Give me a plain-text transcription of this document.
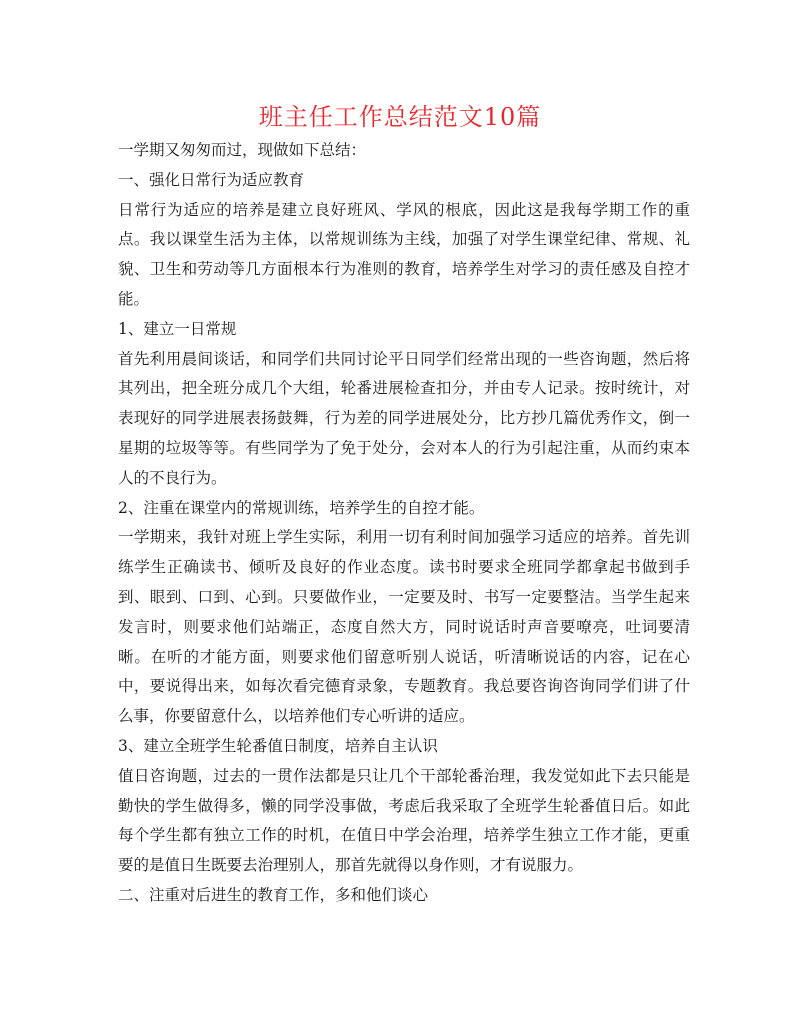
班主任工作总结范文10篇

一学期又匆匆而过，现做如下总结：

一、强化日常行为适应教育

日常行为适应的培养是建立良好班风、学风的根底，因此这是我每学期工作的重点。我以课堂生活为主体，以常规训练为主线，加强了对学生课堂纪律、常规、礼貌、卫生和劳动等几方面根本行为准则的教育，培养学生对学习的责任感及自控才能。

1、建立一日常规

首先利用晨间谈话，和同学们共同讨论平日同学们经常出现的一些咨询题，然后将其列出，把全班分成几个大组，轮番进展检查扣分，并由专人记录。按时统计，对表现好的同学进展表扬鼓舞，行为差的同学进展处分，比方抄几篇优秀作文，倒一星期的垃圾等等。有些同学为了免于处分，会对本人的行为引起注重，从而约束本人的不良行为。

2、注重在课堂内的常规训练，培养学生的自控才能。

一学期来，我针对班上学生实际，利用一切有利时间加强学习适应的培养。首先训练学生正确读书、倾听及良好的作业态度。读书时要求全班同学都拿起书做到手到、眼到、口到、心到。只要做作业，一定要及时、书写一定要整洁。当学生起来发言时，则要求他们站端正，态度自然大方，同时说话时声音要嘹亮，吐词要清晰。在听的才能方面，则要求他们留意听别人说话，听清晰说话的内容，记在心中，要说得出来，如每次看完德育录象，专题教育。我总要咨询咨询同学们讲了什么事，你要留意什么，以培养他们专心听讲的适应。

3、建立全班学生轮番值日制度，培养自主认识

值日咨询题，过去的一贯作法都是只让几个干部轮番治理，我发觉如此下去只能是勤快的学生做得多，懒的同学没事做，考虑后我采取了全班学生轮番值日后。如此每个学生都有独立工作的时机，在值日中学会治理，培养学生独立工作才能，更重要的是值日生既要去治理别人，那首先就得以身作则，才有说服力。

二、注重对后进生的教育工作，多和他们谈心
